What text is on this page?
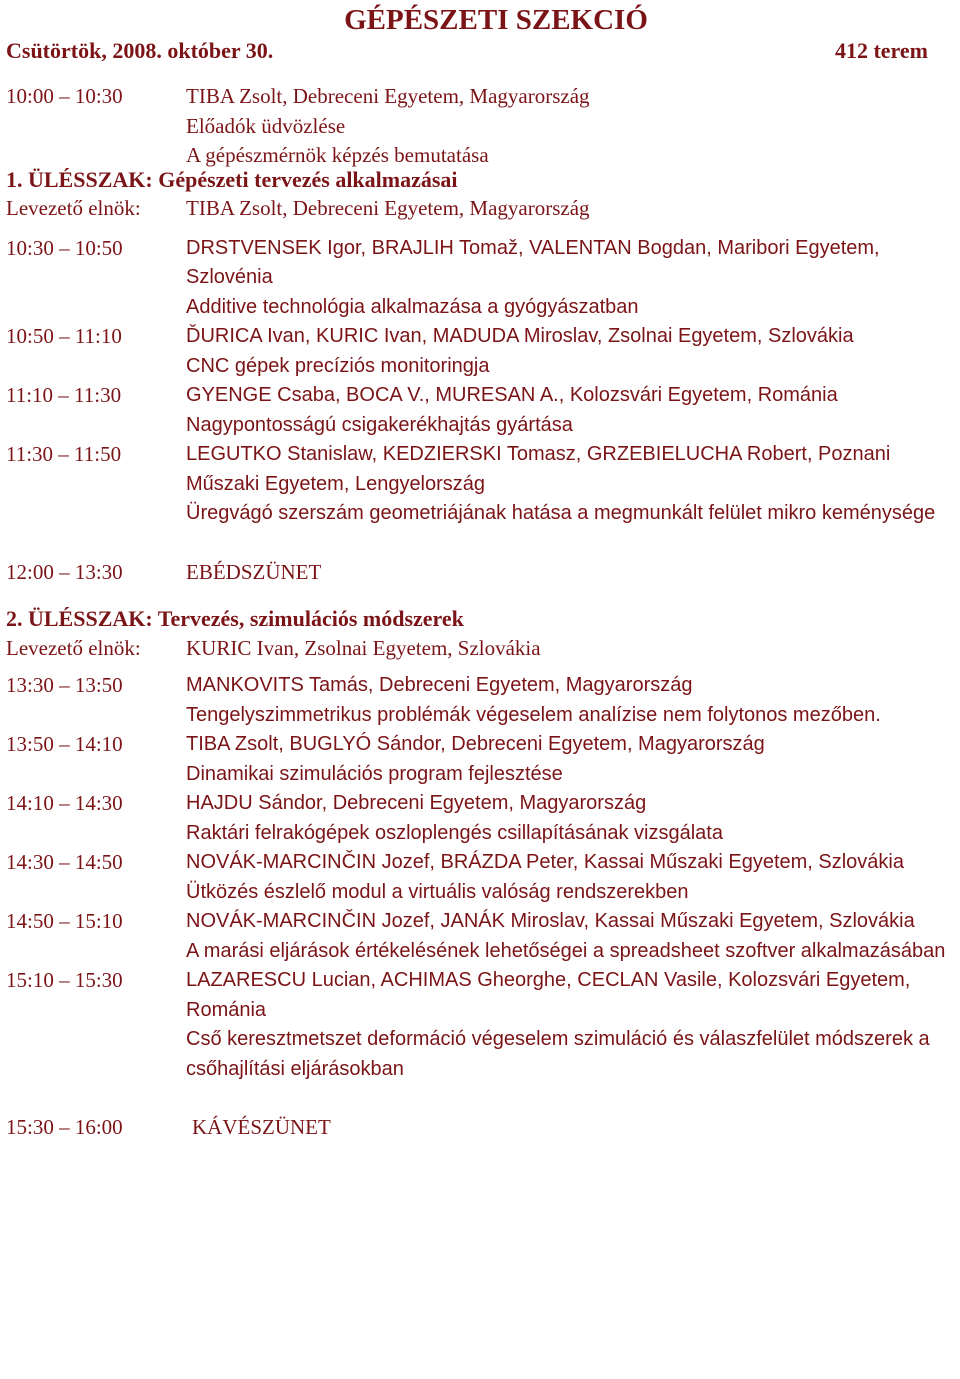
GÉPÉSZETI SZEKCIÓ
Csütörtök, 2008. október 30.	412 terem
10:00 – 10:30	TIBA Zsolt, Debreceni Egyetem, Magyarország
Előadók üdvözlése
A gépészmérnök képzés bemutatása
1. ÜLÉSSZAK: Gépészeti tervezés alkalmazásai
Levezető elnök:	TIBA Zsolt, Debreceni Egyetem, Magyarország
10:30 – 10:50	DRSTVENSEK Igor, BRAJLIH Tomaž, VALENTAN Bogdan, Maribori Egyetem, Szlovénia
Additive technológia alkalmazása a gyógyászatban
10:50 – 11:10	ĎURICA Ivan, KURIC Ivan, MADUDA Miroslav, Zsolnai Egyetem, Szlovákia
CNC gépek precíziós monitoringja
11:10 – 11:30	GYENGE Csaba, BOCA V., MURESAN A., Kolozsvári Egyetem, Románia
Nagypontosságú csigakerékhajtás gyártása
11:30 – 11:50	LEGUTKO Stanislaw, KEDZIERSKI Tomasz, GRZEBIELUCHA Robert, Poznani Műszaki Egyetem, Lengyelország
Üregvágó szerszám geometriájának hatása a megmunkált felület mikro keménysége
12:00 – 13:30	EBÉDSZÜNET
2. ÜLÉSSZAK: Tervezés, szimulációs módszerek
Levezető elnök:	KURIC Ivan, Zsolnai Egyetem, Szlovákia
13:30 – 13:50	MANKOVITS Tamás, Debreceni Egyetem, Magyarország
Tengelyszimmetrikus problémák végeselem analízise nem folytonos mezőben.
13:50 – 14:10	TIBA Zsolt, BUGLYÓ Sándor, Debreceni Egyetem, Magyarország
Dinamikai szimulációs program fejlesztése
14:10 – 14:30	HAJDU Sándor, Debreceni Egyetem, Magyarország
Raktári felrakógépek oszloplengés csillapításának vizsgálata
14:30 – 14:50	NOVÁK-MARCINČIN Jozef, BRÁZDA Peter, Kassai Műszaki Egyetem, Szlovákia
Ütközés észlelő modul a virtuális valóság rendszerekben
14:50 – 15:10	NOVÁK-MARCINČIN Jozef, JANÁK Miroslav, Kassai Műszaki Egyetem, Szlovákia
A marási eljárások értékelésének lehetőségei a spreadsheet szoftver alkalmazásában
15:10 – 15:30	LAZARESCU Lucian, ACHIMAS Gheorghe, CECLAN Vasile, Kolozsvári Egyetem, Románia
Cső keresztmetszet deformáció végeselem szimuláció és válaszfelület módszerek a csőhajlítási eljárásokban
15:30 – 16:00	KÁVÉSZÜNET
